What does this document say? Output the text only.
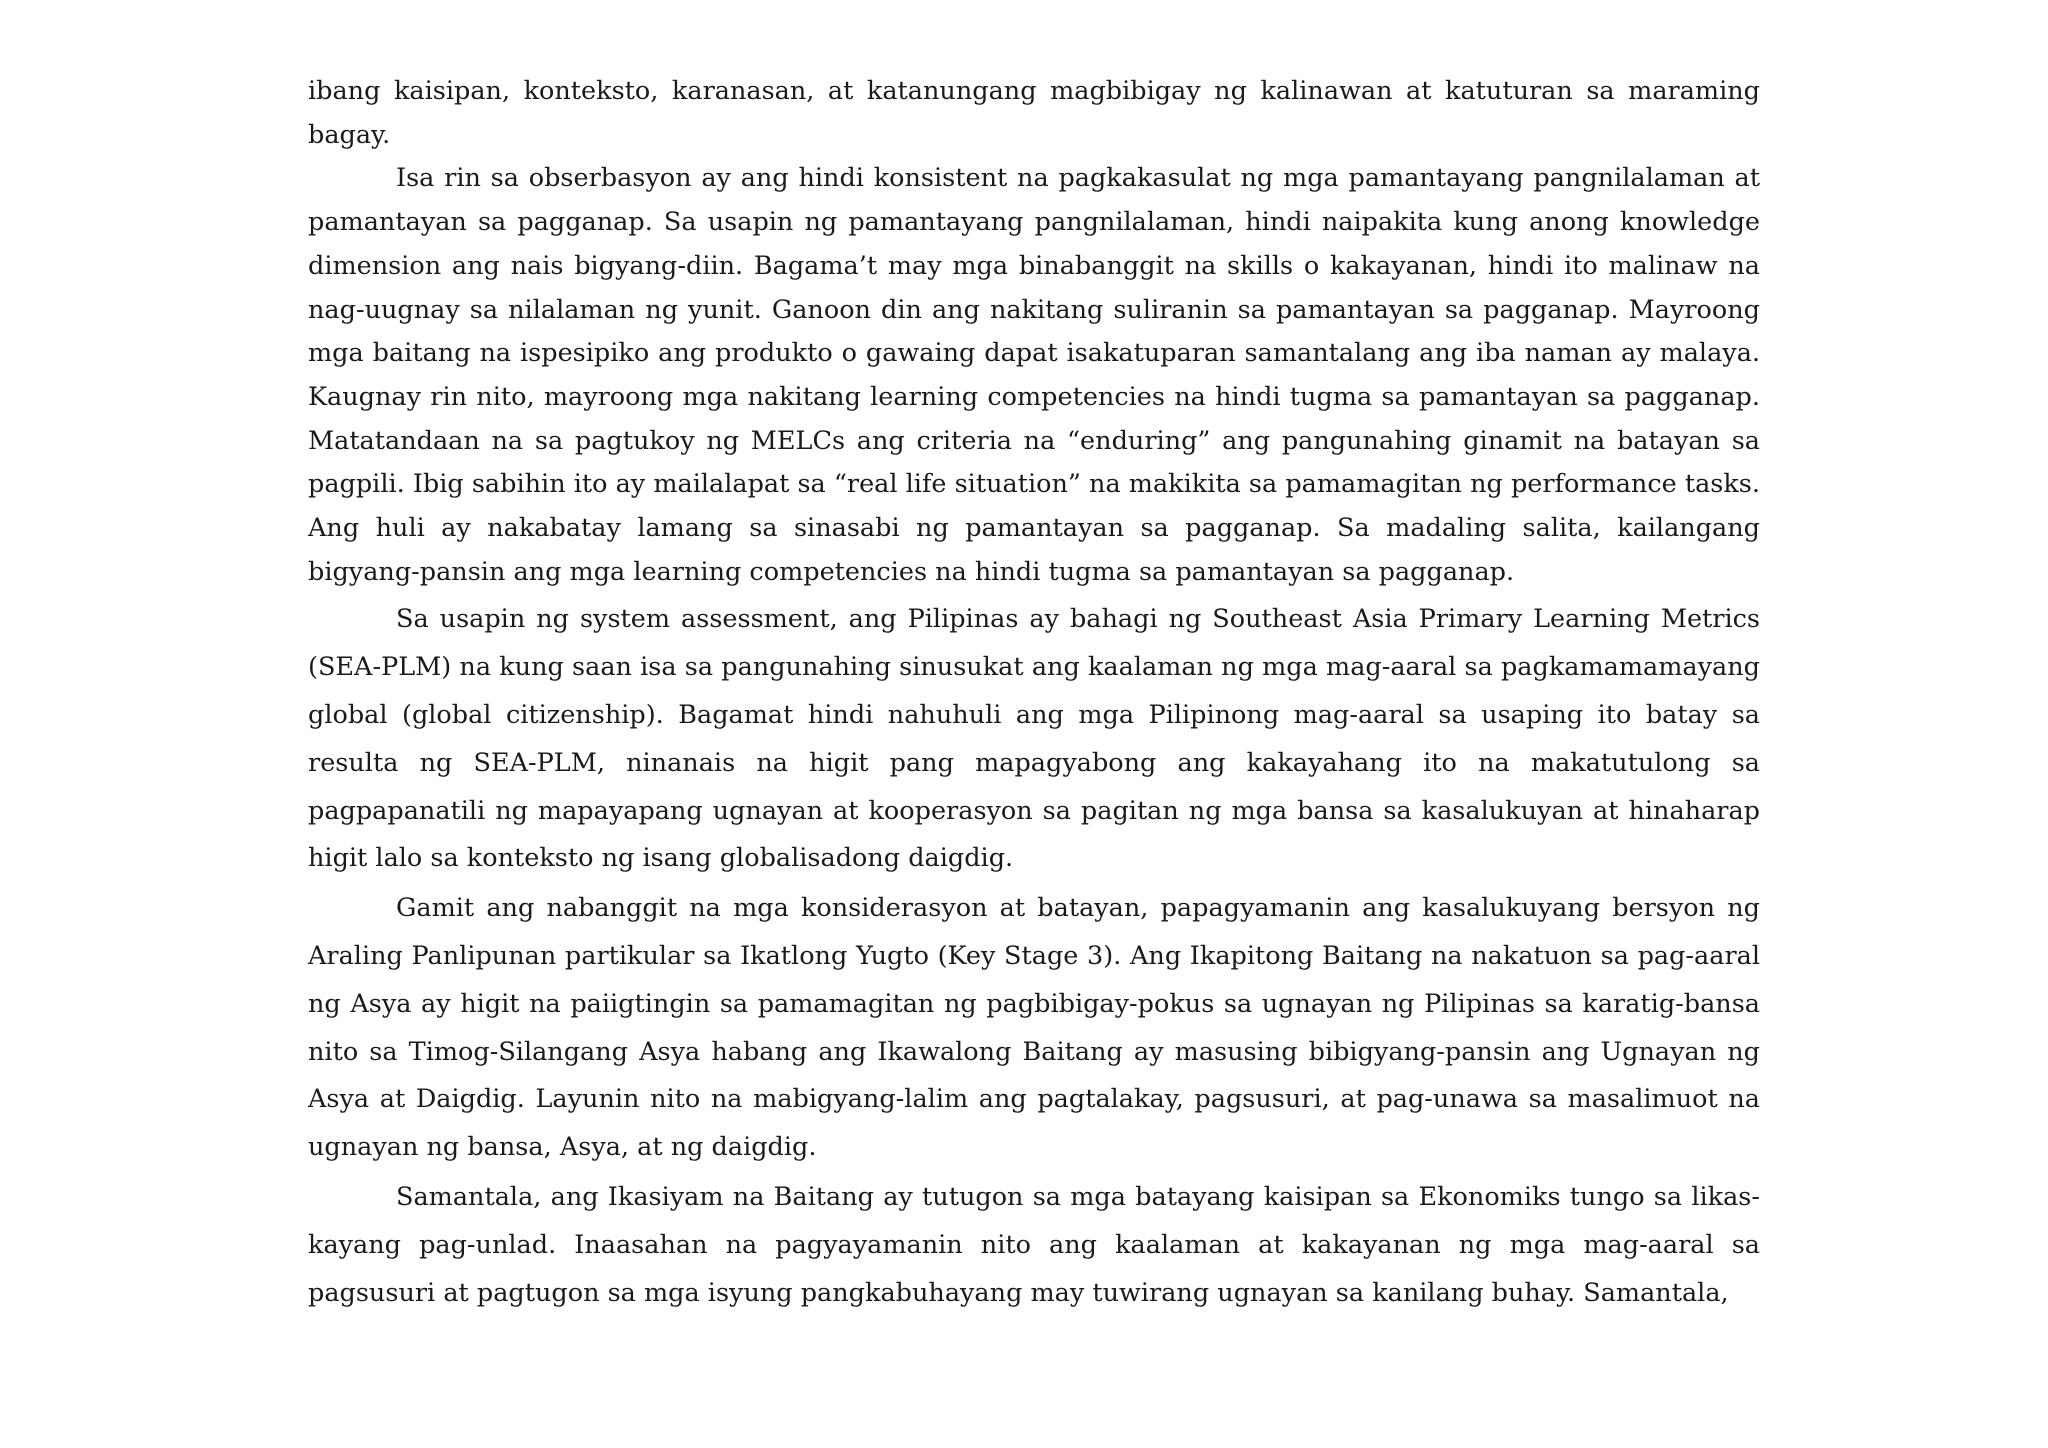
ibang kaisipan, konteksto, karanasan, at katanungang magbibigay ng kalinawan at katuturan sa maraming bagay.

Isa rin sa obserbasyon ay ang hindi konsistent na pagkakasulat ng mga pamantayang pangnilalaman at pamantayan sa pagganap. Sa usapin ng pamantayang pangnilalaman, hindi naipakita kung anong knowledge dimension ang nais bigyang-diin. Bagama’t may mga binabanggit na skills o kakayanan, hindi ito malinaw na nag-uugnay sa nilalaman ng yunit. Ganoon din ang nakitang suliranin sa pamantayan sa pagganap. Mayroong mga baitang na ispesipiko ang produkto o gawaing dapat isakatuparan samantalang ang iba naman ay malaya. Kaugnay rin nito, mayroong mga nakitang learning competencies na hindi tugma sa pamantayan sa pagganap. Matatandaan na sa pagtukoy ng MELCs ang criteria na “enduring” ang pangunahing ginamit na batayan sa pagpili. Ibig sabihin ito ay mailalapat sa “real life situation” na makikita sa pamamagitan ng performance tasks. Ang huli ay nakabatay lamang sa sinasabi ng pamantayan sa pagganap. Sa madaling salita, kailangang bigyang-pansin ang mga learning competencies na hindi tugma sa pamantayan sa pagganap.

Sa usapin ng system assessment, ang Pilipinas ay bahagi ng Southeast Asia Primary Learning Metrics (SEA-PLM) na kung saan isa sa pangunahing sinusukat ang kaalaman ng mga mag-aaral sa pagkamamamayang global (global citizenship). Bagamat hindi nahuhuli ang mga Pilipinong mag-aaral sa usaping ito batay sa resulta ng SEA-PLM, ninanais na higit pang mapagyabong ang kakayahang ito na makatutulong sa pagpapanatili ng mapayapang ugnayan at kooperasyon sa pagitan ng mga bansa sa kasalukuyan at hinaharap higit lalo sa konteksto ng isang globalisadong daigdig.

Gamit ang nabanggit na mga konsiderasyon at batayan, papagyamanin ang kasalukuyang bersyon ng Araling Panlipunan partikular sa Ikatlong Yugto (Key Stage 3). Ang Ikapitong Baitang na nakatuon sa pag-aaral ng Asya ay higit na paiigtingin sa pamamagitan ng pagbibigay-pokus sa ugnayan ng Pilipinas sa karatig-bansa nito sa Timog-Silangang Asya habang ang Ikawalong Baitang ay masusing bibigyang-pansin ang Ugnayan ng Asya at Daigdig. Layunin nito na mabigyang-lalim ang pagtalakay, pagsusuri, at pag-unawa sa masalimuot na ugnayan ng bansa, Asya, at ng daigdig.

Samantala, ang Ikasiyam na Baitang ay tutugon sa mga batayang kaisipan sa Ekonomiks tungo sa likas-kayang pag-unlad. Inaasahan na pagyayamanin nito ang kaalaman at kakayanan ng mga mag-aaral sa pagsusuri at pagtugon sa mga isyung pangkabuhayang may tuwirang ugnayan sa kanilang buhay. Samantala,
